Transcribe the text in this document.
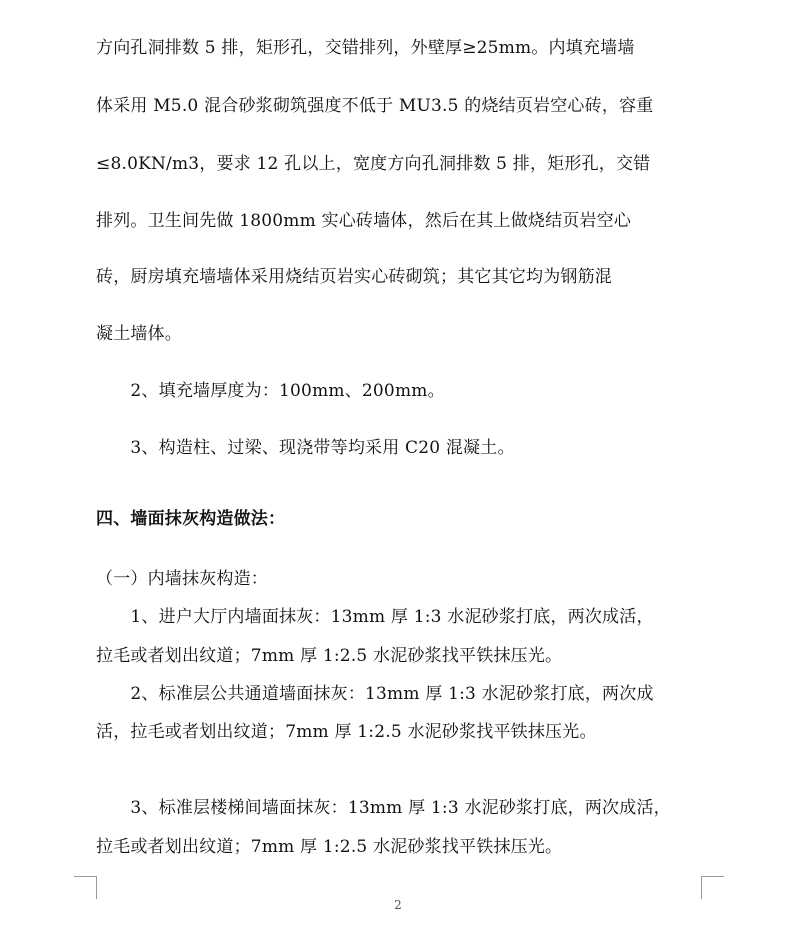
方向孔洞排数 5 排，矩形孔，交错排列，外壁厚≥25mm。内填充墙墙
体采用 M5.0 混合砂浆砌筑强度不低于 MU3.5 的烧结页岩空心砖，容重
≤8.0KN/m3，要求 12 孔以上，宽度方向孔洞排数 5 排，矩形孔，交错
排列。卫生间先做 1800mm 实心砖墙体，然后在其上做烧结页岩空心
砖，厨房填充墙墙体采用烧结页岩实心砖砌筑；其它其它均为钢筋混
凝土墙体。
　　2、填充墙厚度为：100mm、200mm。
　　3、构造柱、过梁、现浇带等均采用 C20 混凝土。
四、墙面抹灰构造做法：
（一）内墙抹灰构造：
　　1、进户大厅内墙面抹灰：13mm 厚 1:3 水泥砂浆打底，两次成活，
拉毛或者划出纹道；7mm 厚 1:2.5 水泥砂浆找平铁抹压光。
　　2、标准层公共通道墙面抹灰：13mm 厚 1:3 水泥砂浆打底，两次成
活，拉毛或者划出纹道；7mm 厚 1:2.5 水泥砂浆找平铁抹压光。
　　3、标准层楼梯间墙面抹灰：13mm 厚 1:3 水泥砂浆打底，两次成活，
拉毛或者划出纹道；7mm 厚 1:2.5 水泥砂浆找平铁抹压光。
2
